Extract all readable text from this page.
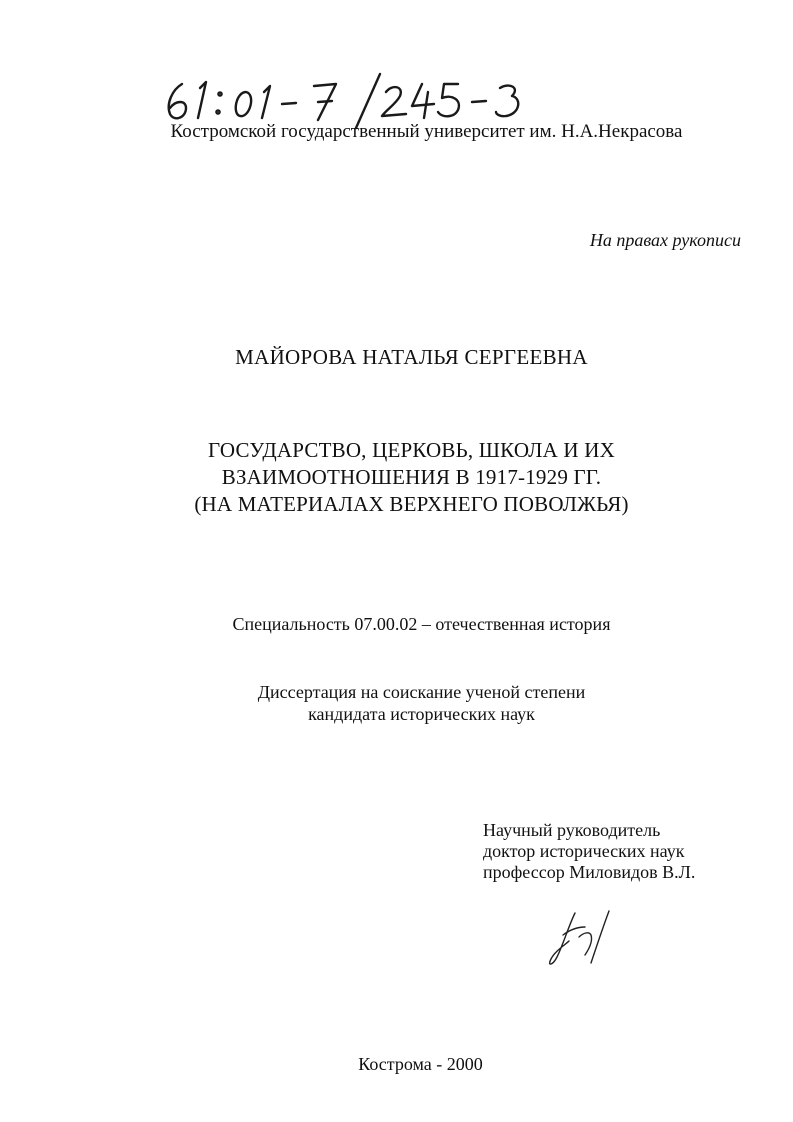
Костромской государственный университет им. Н.А.Некрасова
На правах рукописи
МАЙОРОВА НАТАЛЬЯ СЕРГЕЕВНА
ГОСУДАРСТВО, ЦЕРКОВЬ, ШКОЛА И ИХ
ВЗАИМООТНОШЕНИЯ В 1917-1929 ГГ.
(НА МАТЕРИАЛАХ ВЕРХНЕГО ПОВОЛЖЬЯ)
Специальность 07.00.02 – отечественная история
Диссертация на соискание ученой степени
кандидата исторических наук
Научный руководитель
доктор исторических наук
профессор Миловидов В.Л.
Кострома - 2000
